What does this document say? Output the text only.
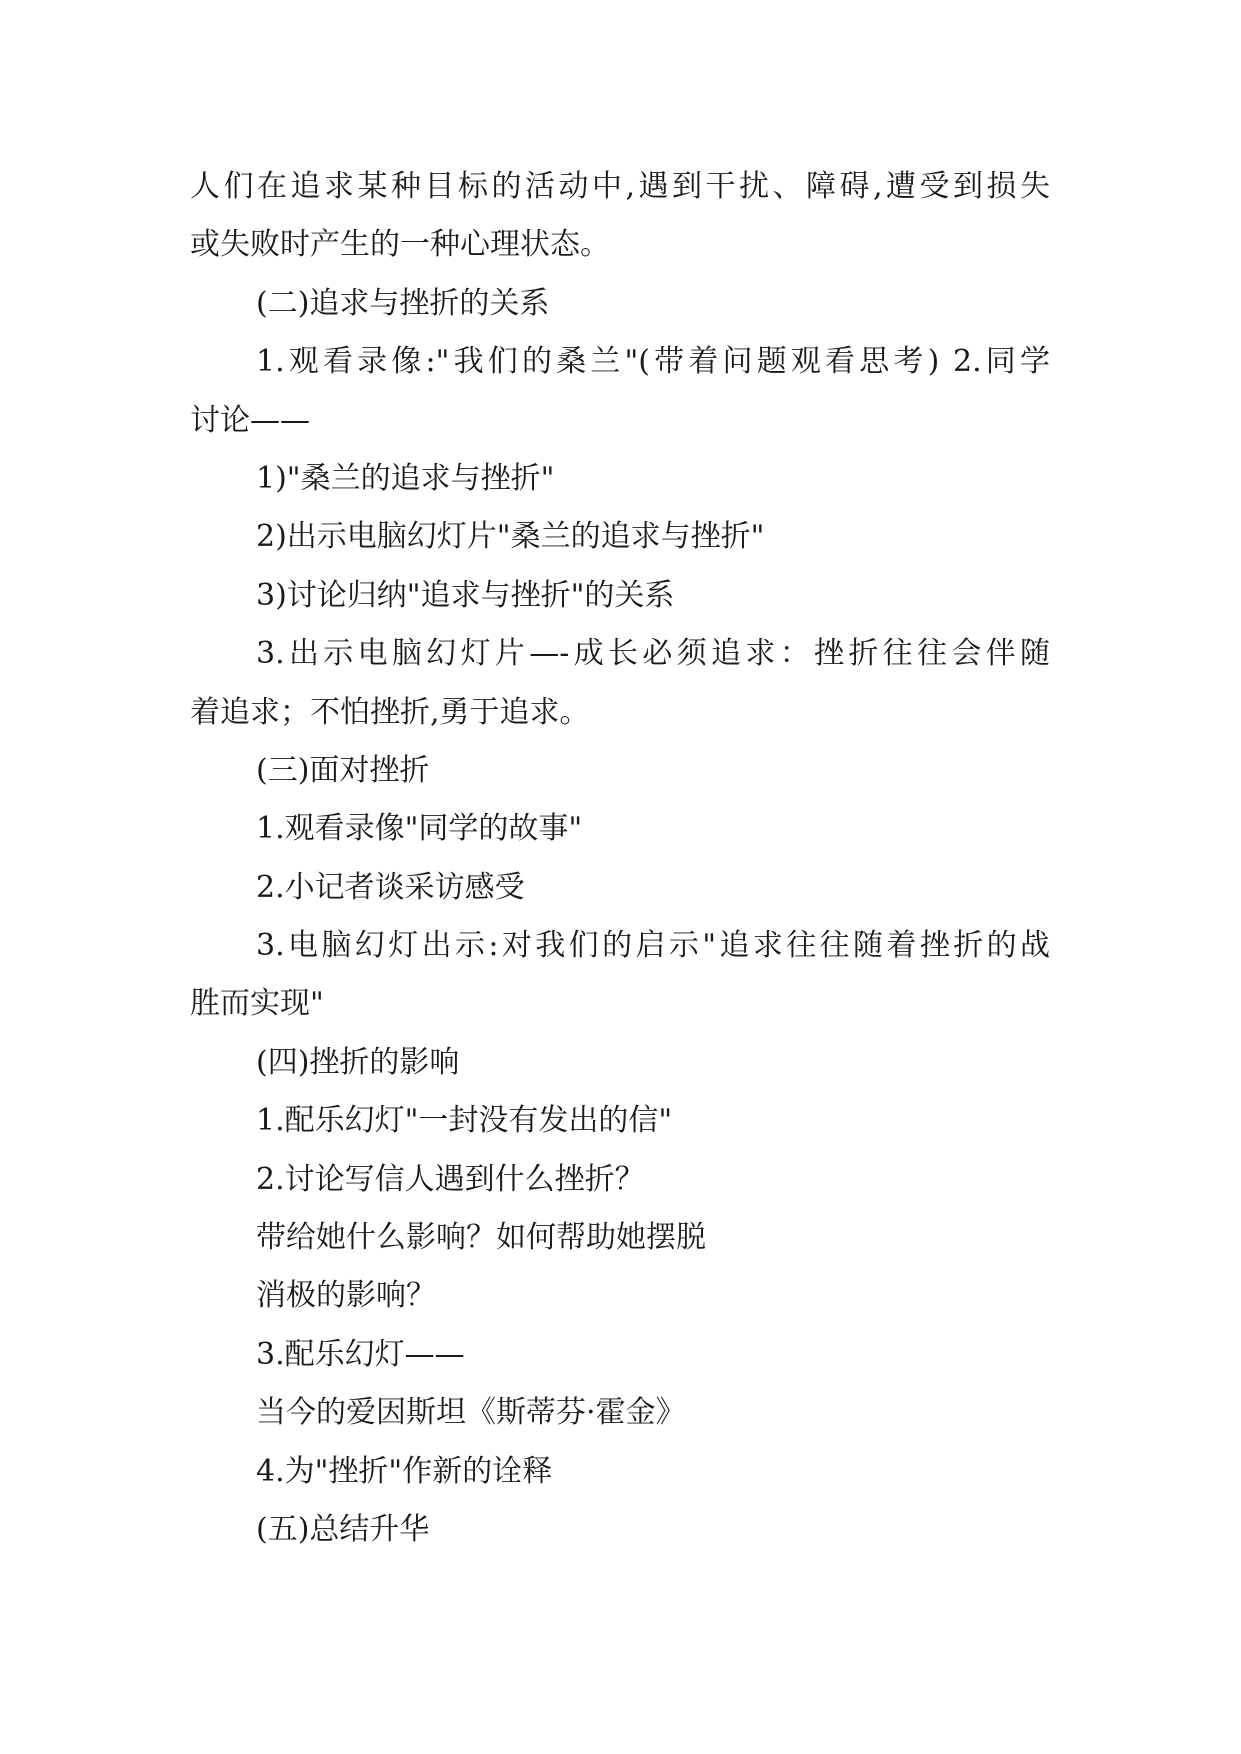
人们在追求某种目标的活动中,遇到干扰、障碍,遭受到损失
或失败时产生的一种心理状态。
(二)追求与挫折的关系
1.观看录像:"我们的桑兰"(带着问题观看思考) 2.同学
讨论——
1)"桑兰的追求与挫折"
2)出示电脑幻灯片"桑兰的追求与挫折"
3)讨论归纳"追求与挫折"的关系
3.出示电脑幻灯片—-成长必须追求：挫折往往会伴随
着追求；不怕挫折,勇于追求。
(三)面对挫折
1.观看录像"同学的故事"
2.小记者谈采访感受
3.电脑幻灯出示:对我们的启示"追求往往随着挫折的战
胜而实现"
(四)挫折的影响
1.配乐幻灯"一封没有发出的信"
2.讨论写信人遇到什么挫折？
带给她什么影响？如何帮助她摆脱
消极的影响？
3.配乐幻灯——
当今的爱因斯坦《斯蒂芬·霍金》
4.为"挫折"作新的诠释
(五)总结升华
